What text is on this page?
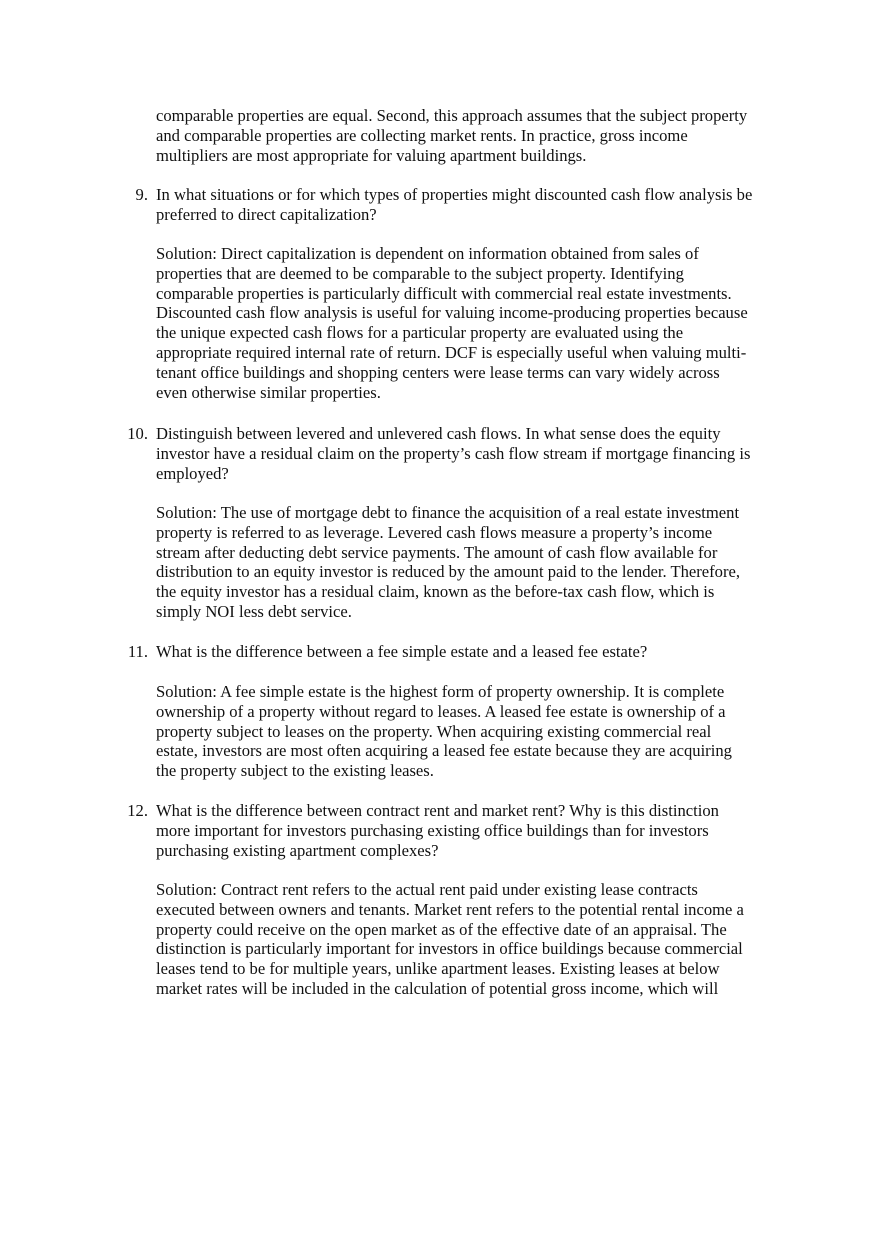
comparable properties are equal. Second, this approach assumes that the subject property
and comparable properties are collecting market rents. In practice, gross income
multipliers are most appropriate for valuing apartment buildings.
9. In what situations or for which types of properties might discounted cash flow analysis be
preferred to direct capitalization?
Solution: Direct capitalization is dependent on information obtained from sales of
properties that are deemed to be comparable to the subject property. Identifying
comparable properties is particularly difficult with commercial real estate investments.
Discounted cash flow analysis is useful for valuing income-producing properties because
the unique expected cash flows for a particular property are evaluated using the
appropriate required internal rate of return. DCF is especially useful when valuing multi-
tenant office buildings and shopping centers were lease terms can vary widely across
even otherwise similar properties.
10. Distinguish between levered and unlevered cash flows. In what sense does the equity
investor have a residual claim on the property’s cash flow stream if mortgage financing is
employed?
Solution: The use of mortgage debt to finance the acquisition of a real estate investment
property is referred to as leverage. Levered cash flows measure a property’s income
stream after deducting debt service payments. The amount of cash flow available for
distribution to an equity investor is reduced by the amount paid to the lender. Therefore,
the equity investor has a residual claim, known as the before-tax cash flow, which is
simply NOI less debt service.
11. What is the difference between a fee simple estate and a leased fee estate?
Solution: A fee simple estate is the highest form of property ownership. It is complete
ownership of a property without regard to leases. A leased fee estate is ownership of a
property subject to leases on the property. When acquiring existing commercial real
estate, investors are most often acquiring a leased fee estate because they are acquiring
the property subject to the existing leases.
12. What is the difference between contract rent and market rent? Why is this distinction
more important for investors purchasing existing office buildings than for investors
purchasing existing apartment complexes?
Solution: Contract rent refers to the actual rent paid under existing lease contracts
executed between owners and tenants. Market rent refers to the potential rental income a
property could receive on the open market as of the effective date of an appraisal. The
distinction is particularly important for investors in office buildings because commercial
leases tend to be for multiple years, unlike apartment leases. Existing leases at below
market rates will be included in the calculation of potential gross income, which will
